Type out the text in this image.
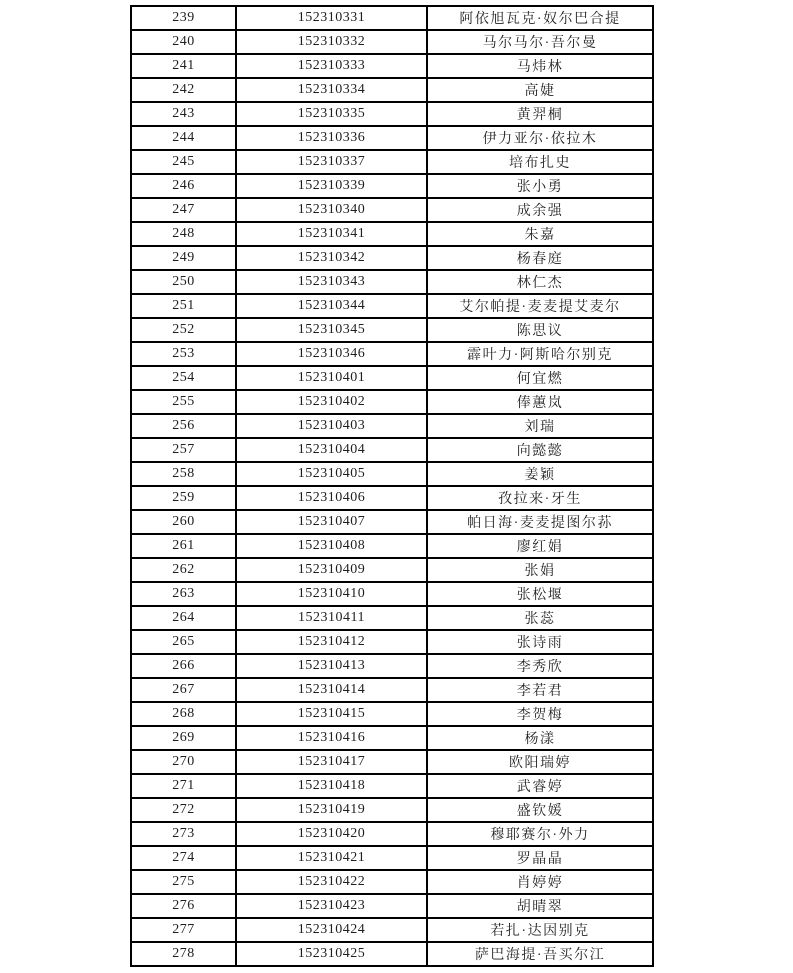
239	152310331	阿依旭瓦克·奴尔巴合提
240	152310332	马尔马尔·吾尔曼
241	152310333	马炜林
242	152310334	高婕
243	152310335	黄羿桐
244	152310336	伊力亚尔·依拉木
245	152310337	培布扎史
246	152310339	张小勇
247	152310340	成余强
248	152310341	朱嘉
249	152310342	杨春庭
250	152310343	林仁杰
251	152310344	艾尔帕提·麦麦提艾麦尔
252	152310345	陈思议
253	152310346	霹叶力·阿斯哈尔别克
254	152310401	何宜燃
255	152310402	俸蕙岚
256	152310403	刘瑞
257	152310404	向懿懿
258	152310405	姜颖
259	152310406	孜拉来·牙生
260	152310407	帕日海·麦麦提图尔荪
261	152310408	廖红娟
262	152310409	张娟
263	152310410	张松堰
264	152310411	张蕊
265	152310412	张诗雨
266	152310413	李秀欣
267	152310414	李若君
268	152310415	李贺梅
269	152310416	杨漾
270	152310417	欧阳瑞婷
271	152310418	武睿婷
272	152310419	盛钦媛
273	152310420	穆耶赛尔·外力
274	152310421	罗晶晶
275	152310422	肖婷婷
276	152310423	胡晴翠
277	152310424	若扎·达因别克
278	152310425	萨巴海提·吾买尔江
